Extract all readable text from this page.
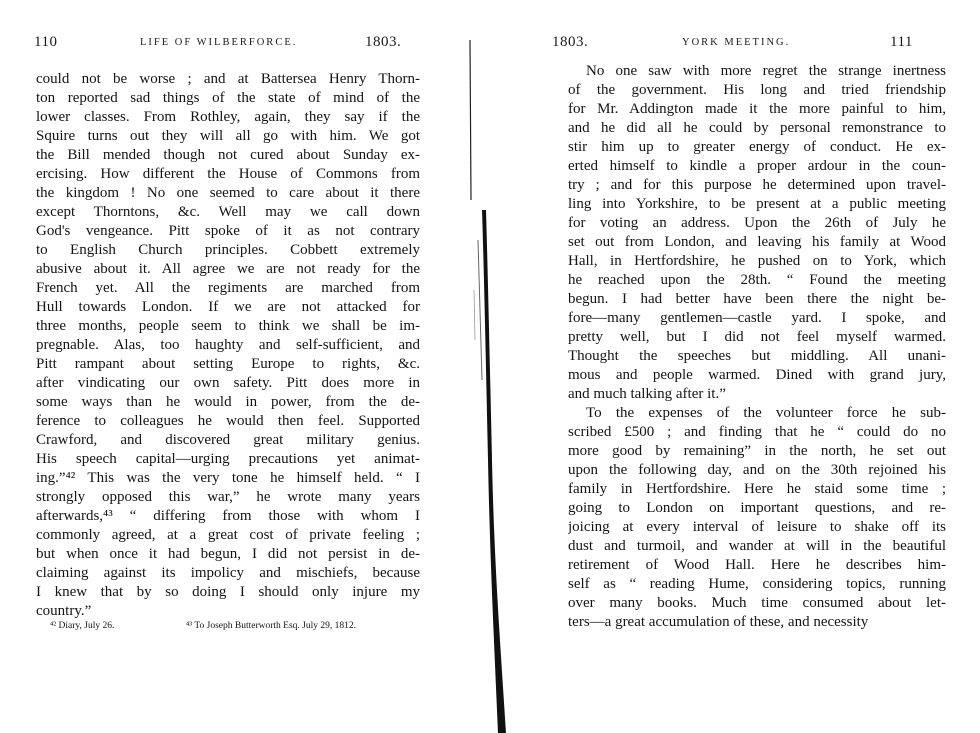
110	LIFE OF WILBERFORCE.	1803.
could not be worse ; and at Battersea Henry Thorn-
ton reported sad things of the state of mind of the
lower classes. From Rothley, again, they say if the
Squire turns out they will all go with him. We got
the Bill mended though not cured about Sunday ex-
ercising. How different the House of Commons from
the kingdom ! No one seemed to care about it there
except Thorntons, &c. Well may we call down
God's vengeance. Pitt spoke of it as not contrary
to English Church principles. Cobbett extremely
abusive about it. All agree we are not ready for the
French yet. All the regiments are marched from
Hull towards London. If we are not attacked for
three months, people seem to think we shall be im-
pregnable. Alas, too haughty and self-sufficient, and
Pitt rampant about setting Europe to rights, &c.
after vindicating our own safety. Pitt does more in
some ways than he would in power, from the de-
ference to colleagues he would then feel. Supported
Crawford, and discovered great military genius.
His speech capital—urging precautions yet animat-
ing.”⁴² This was the very tone he himself held. “ I
strongly opposed this war,” he wrote many years
afterwards,⁴³ “ differing from those with whom I
commonly agreed, at a great cost of private feeling ;
but when once it had begun, I did not persist in de-
claiming against its impolicy and mischiefs, because
I knew that by so doing I should only injure my
country.”
⁴² Diary, July 26.	⁴³ To Joseph Butterworth Esq. July 29, 1812.
1803.	YORK MEETING.	111
No one saw with more regret the strange inertness
of the government. His long and tried friendship
for Mr. Addington made it the more painful to him,
and he did all he could by personal remonstrance to
stir him up to greater energy of conduct. He ex-
erted himself to kindle a proper ardour in the coun-
try ; and for this purpose he determined upon travel-
ling into Yorkshire, to be present at a public meeting
for voting an address. Upon the 26th of July he
set out from London, and leaving his family at Wood
Hall, in Hertfordshire, he pushed on to York, which
he reached upon the 28th. “ Found the meeting
begun. I had better have been there the night be-
fore—many gentlemen—castle yard. I spoke, and
pretty well, but I did not feel myself warmed.
Thought the speeches but middling. All unani-
mous and people warmed. Dined with grand jury,
and much talking after it.”
To the expenses of the volunteer force he sub-
scribed £500 ; and finding that he “ could do no
more good by remaining” in the north, he set out
upon the following day, and on the 30th rejoined his
family in Hertfordshire. Here he staid some time ;
going to London on important questions, and re-
joicing at every interval of leisure to shake off its
dust and turmoil, and wander at will in the beautiful
retirement of Wood Hall. Here he describes him-
self as “ reading Hume, considering topics, running
over many books. Much time consumed about let-
ters—a great accumulation of these, and necessity
